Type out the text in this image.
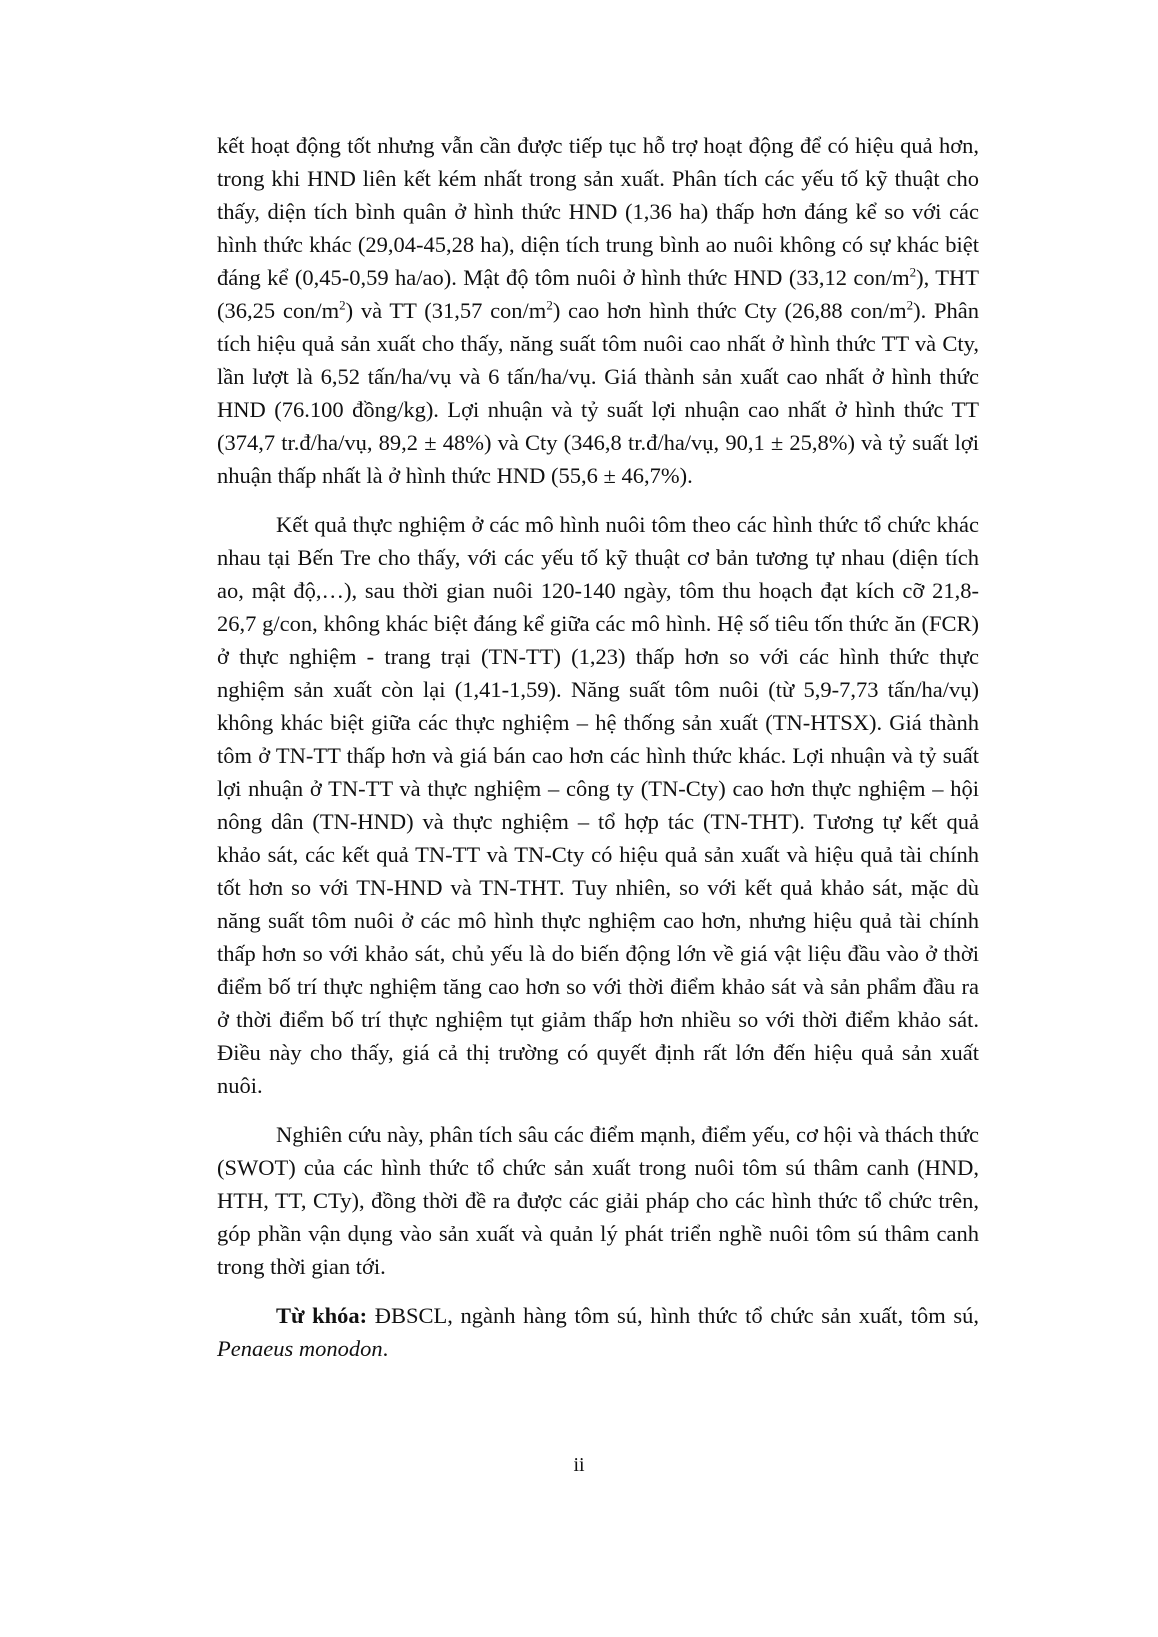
kết hoạt động tốt nhưng vẫn cần được tiếp tục hỗ trợ hoạt động để có hiệu quả hơn, trong khi HND liên kết kém nhất trong sản xuất. Phân tích các yếu tố kỹ thuật cho thấy, diện tích bình quân ở hình thức HND (1,36 ha) thấp hơn đáng kể so với các hình thức khác (29,04-45,28 ha), diện tích trung bình ao nuôi không có sự khác biệt đáng kể (0,45-0,59 ha/ao). Mật độ tôm nuôi ở hình thức HND (33,12 con/$m^2$), THT (36,25 con/$m^2$) và TT (31,57 con/$m^2$) cao hơn hình thức Cty (26,88 con/$m^2$). Phân tích hiệu quả sản xuất cho thấy, năng suất tôm nuôi cao nhất ở hình thức TT và Cty, lần lượt là 6,52 tấn/ha/vụ và 6 tấn/ha/vụ. Giá thành sản xuất cao nhất ở hình thức HND (76.100 đồng/kg). Lợi nhuận và tỷ suất lợi nhuận cao nhất ở hình thức TT (374,7 tr.đ/ha/vụ, 89,2 ± 48%) và Cty (346,8 tr.đ/ha/vụ, 90,1 ± 25,8%) và tỷ suất lợi nhuận thấp nhất là ở hình thức HND (55,6 ± 46,7%).

Kết quả thực nghiệm ở các mô hình nuôi tôm theo các hình thức tổ chức khác nhau tại Bến Tre cho thấy, với các yếu tố kỹ thuật cơ bản tương tự nhau (diện tích ao, mật độ,…), sau thời gian nuôi 120-140 ngày, tôm thu hoạch đạt kích cỡ 21,8-26,7 g/con, không khác biệt đáng kể giữa các mô hình. Hệ số tiêu tốn thức ăn (FCR) ở thực nghiệm - trang trại (TN-TT) (1,23) thấp hơn so với các hình thức thực nghiệm sản xuất còn lại (1,41-1,59). Năng suất tôm nuôi (từ 5,9-7,73 tấn/ha/vụ) không khác biệt giữa các thực nghiệm – hệ thống sản xuất (TN-HTSX). Giá thành tôm ở TN-TT thấp hơn và giá bán cao hơn các hình thức khác. Lợi nhuận và tỷ suất lợi nhuận ở TN-TT và thực nghiệm – công ty (TN-Cty) cao hơn thực nghiệm – hội nông dân (TN-HND) và thực nghiệm – tổ hợp tác (TN-THT). Tương tự kết quả khảo sát, các kết quả TN-TT và TN-Cty có hiệu quả sản xuất và hiệu quả tài chính tốt hơn so với TN-HND và TN-THT. Tuy nhiên, so với kết quả khảo sát, mặc dù năng suất tôm nuôi ở các mô hình thực nghiệm cao hơn, nhưng hiệu quả tài chính thấp hơn so với khảo sát, chủ yếu là do biến động lớn về giá vật liệu đầu vào ở thời điểm bố trí thực nghiệm tăng cao hơn so với thời điểm khảo sát và sản phẩm đầu ra ở thời điểm bố trí thực nghiệm tụt giảm thấp hơn nhiều so với thời điểm khảo sát. Điều này cho thấy, giá cả thị trường có quyết định rất lớn đến hiệu quả sản xuất nuôi.

Nghiên cứu này, phân tích sâu các điểm mạnh, điểm yếu, cơ hội và thách thức (SWOT) của các hình thức tổ chức sản xuất trong nuôi tôm sú thâm canh (HND, HTH, TT, CTy), đồng thời đề ra được các giải pháp cho các hình thức tổ chức trên, góp phần vận dụng vào sản xuất và quản lý phát triển nghề nuôi tôm sú thâm canh trong thời gian tới.

Từ khóa: ĐBSCL, ngành hàng tôm sú, hình thức tổ chức sản xuất, tôm sú, Penaeus monodon.

ii
